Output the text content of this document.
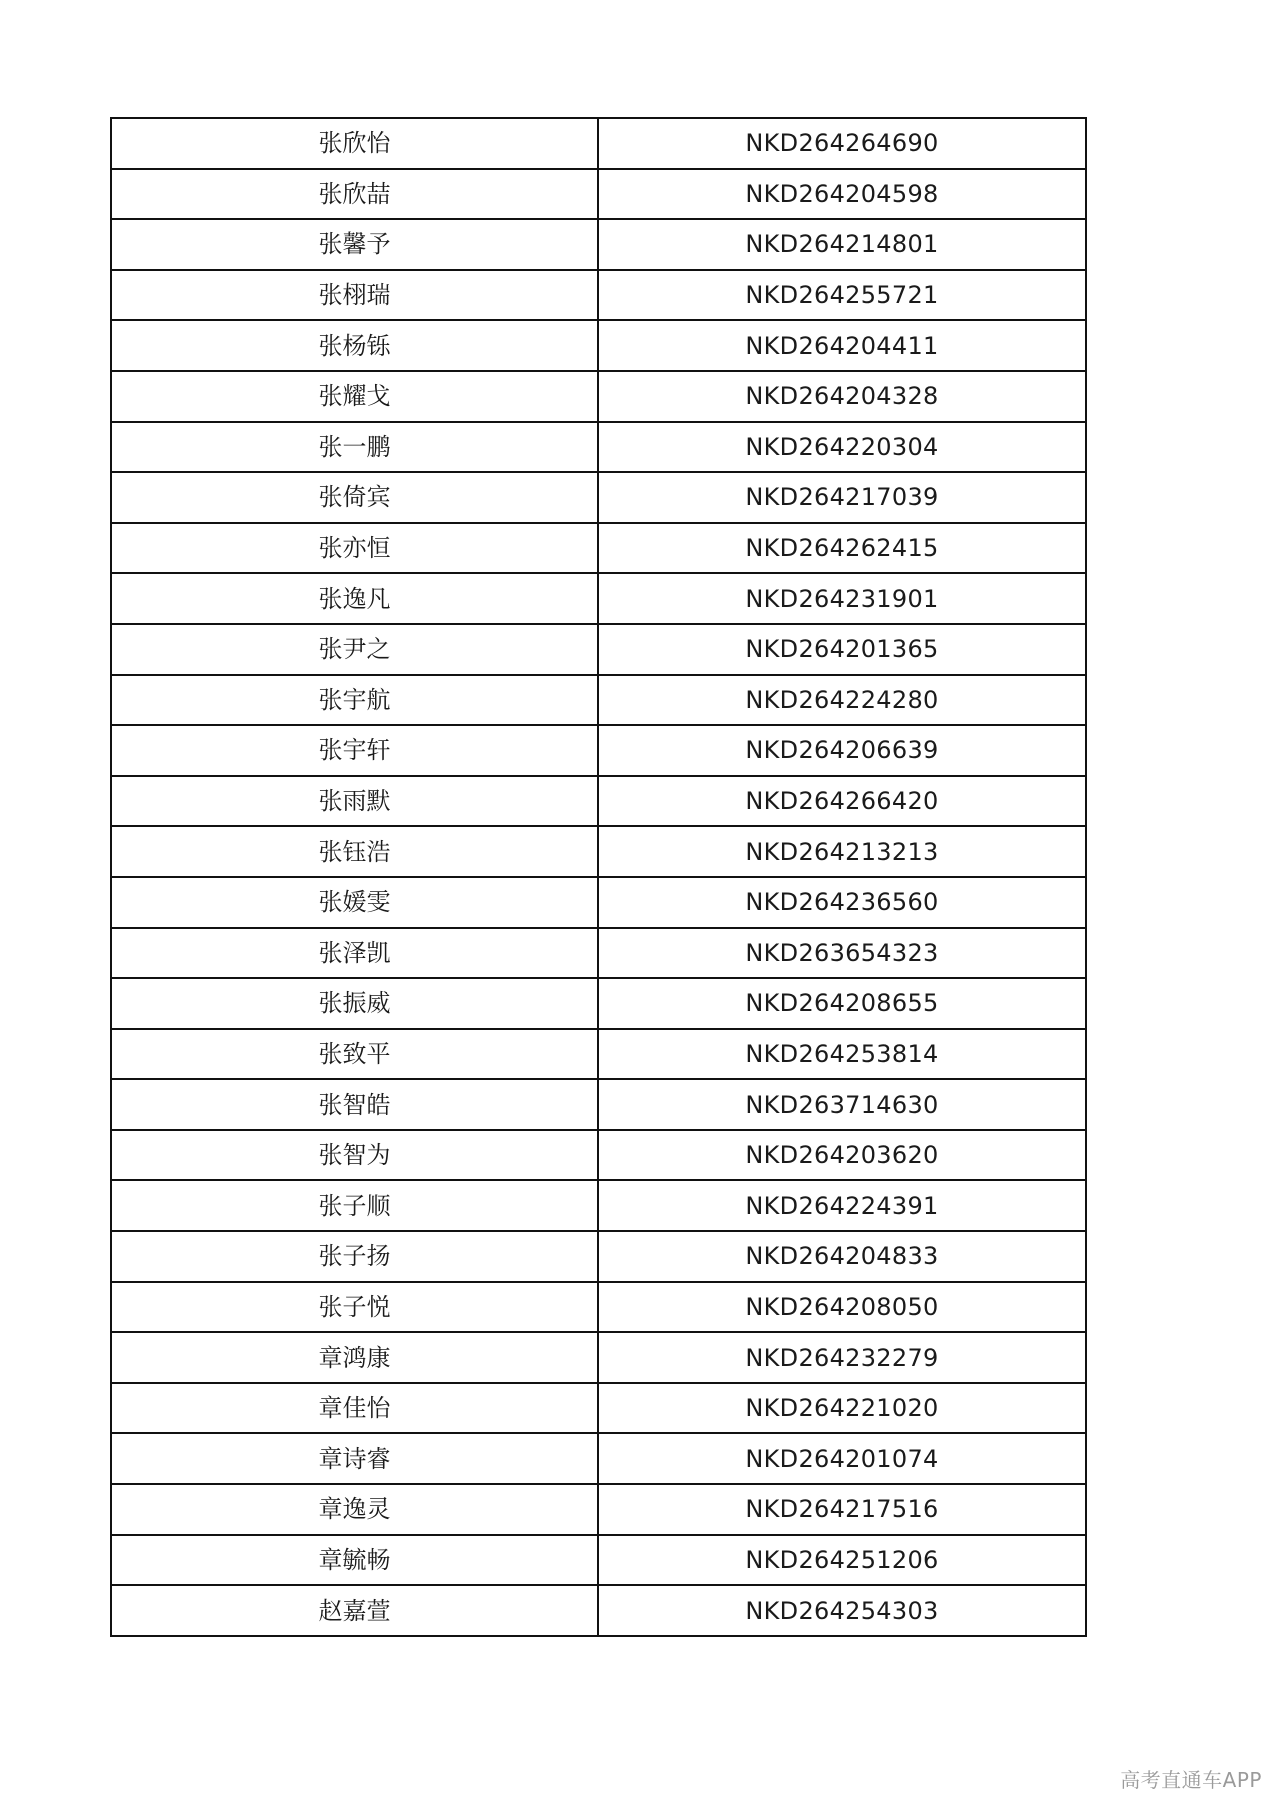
张欣怡	NKD264264690
张欣喆	NKD264204598
张馨予	NKD264214801
张栩瑞	NKD264255721
张杨铄	NKD264204411
张耀戈	NKD264204328
张一鹏	NKD264220304
张倚宾	NKD264217039
张亦恒	NKD264262415
张逸凡	NKD264231901
张尹之	NKD264201365
张宇航	NKD264224280
张宇轩	NKD264206639
张雨默	NKD264266420
张钰浩	NKD264213213
张媛雯	NKD264236560
张泽凯	NKD263654323
张振威	NKD264208655
张致平	NKD264253814
张智皓	NKD263714630
张智为	NKD264203620
张子顺	NKD264224391
张子扬	NKD264204833
张子悦	NKD264208050
章鸿康	NKD264232279
章佳怡	NKD264221020
章诗睿	NKD264201074
章逸灵	NKD264217516
章毓畅	NKD264251206
赵嘉萱	NKD264254303
高考直通车APP
